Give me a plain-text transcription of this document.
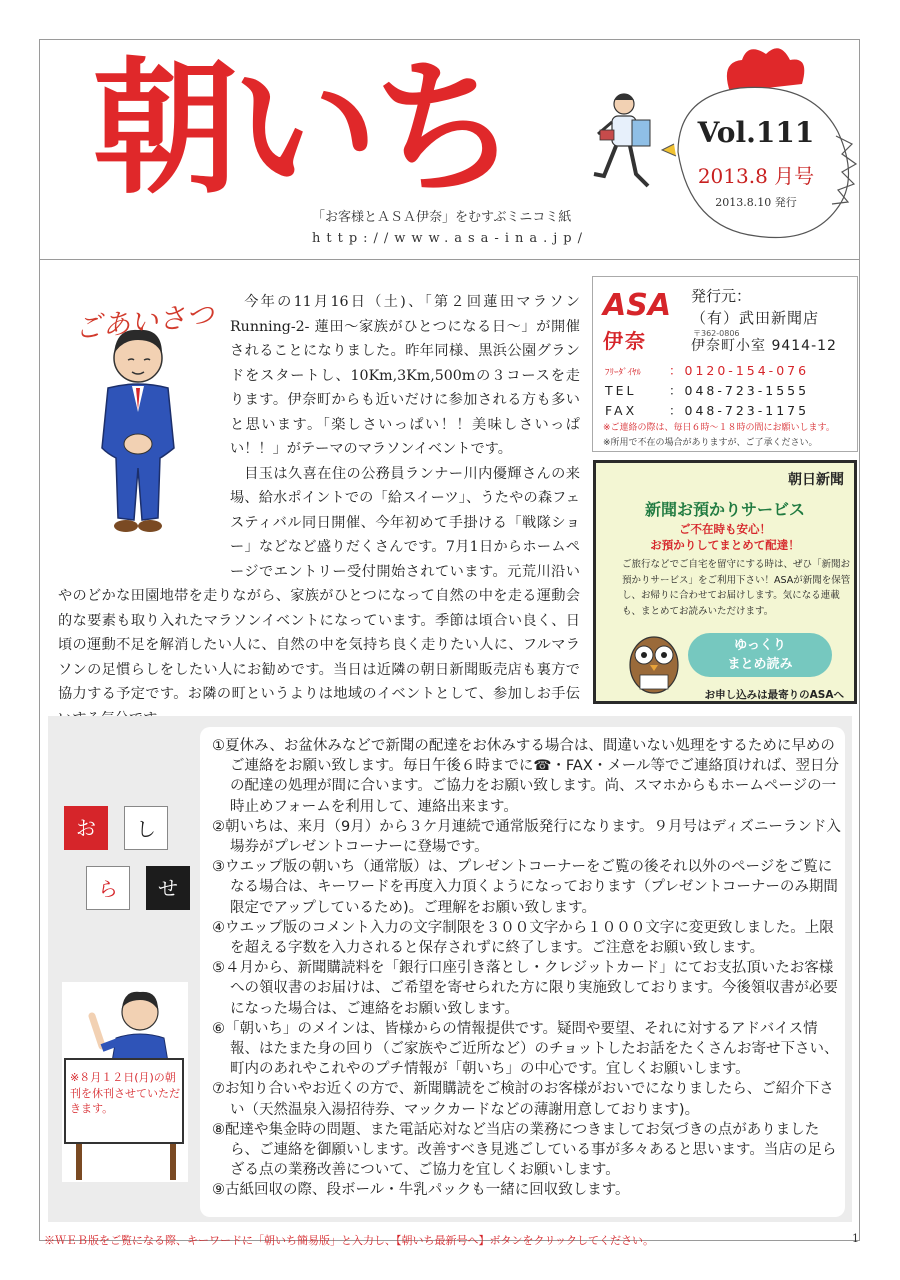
朝いち
「お客様とＡＳＡ伊奈」をむすぶミニコミ紙
http://www.asa-ina.jp/
Vol.111
2013.8 月号
2013.8.10 発行
ごあいさつ	今年の11月16日（土)、「第２回蓮田マラソンRunning-2- 蓮田～家族がひとつになる日～」が開催されることになりました。昨年同様、黒浜公園グランドをスタートし、10Km,3Km,500mの３コースを走ります。伊奈町からも近いだけに参加される方も多いと思います。「楽しさいっぱい！！美味しさいっぱい！！」がテーマのマラソンイベントです。

目玉は久喜在住の公務員ランナー川内優輝さんの来場、給水ポイントでの「給スイーツ」、うたやの森フェスティバル同日開催、今年初めて手掛ける「戦隊ショー」などなど盛りだくさんです。7月1日からホームページでエントリー受付開始されています。元荒川沿いやのどかな田園地帯を走りながら、家族がひとつになって自然の中を走る運動会的な要素も取り入れたマラソンイベントになっています。季節は頃合い良く、日頃の運動不足を解消したい人に、自然の中を気持ち良く走りたい人に、フルマラソンの足慣らしをしたい人にお勧めです。当日は近隣の朝日新聞販売店も裏方で協力する予定です。お隣の町というよりは地域のイベントとして、参加しお手伝

ASA
伊奈
発行元：
（有）武田新聞店
〒362-0806
伊奈町小室 9414-12
ﾌﾘｰﾀﾞｲﾔﾙ ：0120-154-076
TEL	：048-723-1555
FAX	：048-723-1175
※ご連絡の際は、毎日６時～１８時の間にお願いします。
※所用で不在の場合がありますが、ご了承ください。
朝日新聞
新聞お預かりサービス
ご不在時も安心！
お預かりしてまとめて配達！
ご旅行などでご自宅を留守にする時は、ぜひ「新聞お預かりサービス」をご利用下さい！ASAが新聞を保管し、お帰りに合わせてお届けします。気になる連載も、まとめてお読みいただけます。
ゆっくり
まとめ読み
お申し込みは最寄りのASAへ
お	し
ら	せ
※８月１２日(月)の朝刊を休刊させていただきます。
①夏休み、お盆休みなどで新聞の配達をお休みする場合は、間違いない処理をするために早めのご連絡をお願い致します。毎日午後６時までに☎・FAX・メール等でご連絡頂ければ、翌日分の配達の処理が間に合います。ご協力をお願い致します。尚、スマホからもホームページの一時止めフォームを利用して、連絡出来ます。
②朝いちは、来月（9月）から３ケ月連続で通常版発行になります。９月号はディズニーランド入場券がプレゼントコーナーに登場です。
③ウエップ版の朝いち（通常版）は、プレゼントコーナーをご覧の後それ以外のページをご覧になる場合は、キーワードを再度入力頂くようになっております（プレゼントコーナーのみ期間限定でアップしているため)。ご理解をお願い致します。
④ウエップ版のコメント入力の文字制限を３００文字から１０００文字に変更致しました。上限を超える字数を入力されると保存されずに終了します。ご注意をお願い致します。
⑤４月から、新聞購読料を「銀行口座引き落とし・クレジットカード」にてお支払頂いたお客様への領収書のお届けは、ご希望を寄せられた方に限り実施致しております。今後領収書が必要になった場合は、ご連絡をお願い致します。
⑥「朝いち」のメインは、皆様からの情報提供です。疑問や要望、それに対するアドバイス情報、はたまた身の回り（ご家族やご近所など）のチョットしたお話をたくさんお寄せ下さい、町内のあれやこれやのプチ情報が「朝いち」の中心です。宜しくお願いします。
⑦お知り合いやお近くの方で、新聞購読をご検討のお客様がおいでになりましたら、ご紹介下さい（天然温泉入湯招待券、マックカードなどの薄謝用意しております)。
⑧配達や集金時の問題、また電話応対など当店の業務につきましてお気づきの点がありましたら、ご連絡を御願いします。改善すべき見逃ごしている事が多々あると思います。当店の足らざる点の業務改善について、ご協力を宜しくお願いします。
⑨古紙回収の際、段ボール・牛乳パックも一緒に回収致します。
※ＷＥＢ版をご覧になる際、キーワードに「朝いち簡易版」と入力し、【朝いち最新号へ】ボタンをクリックしてください。	1
